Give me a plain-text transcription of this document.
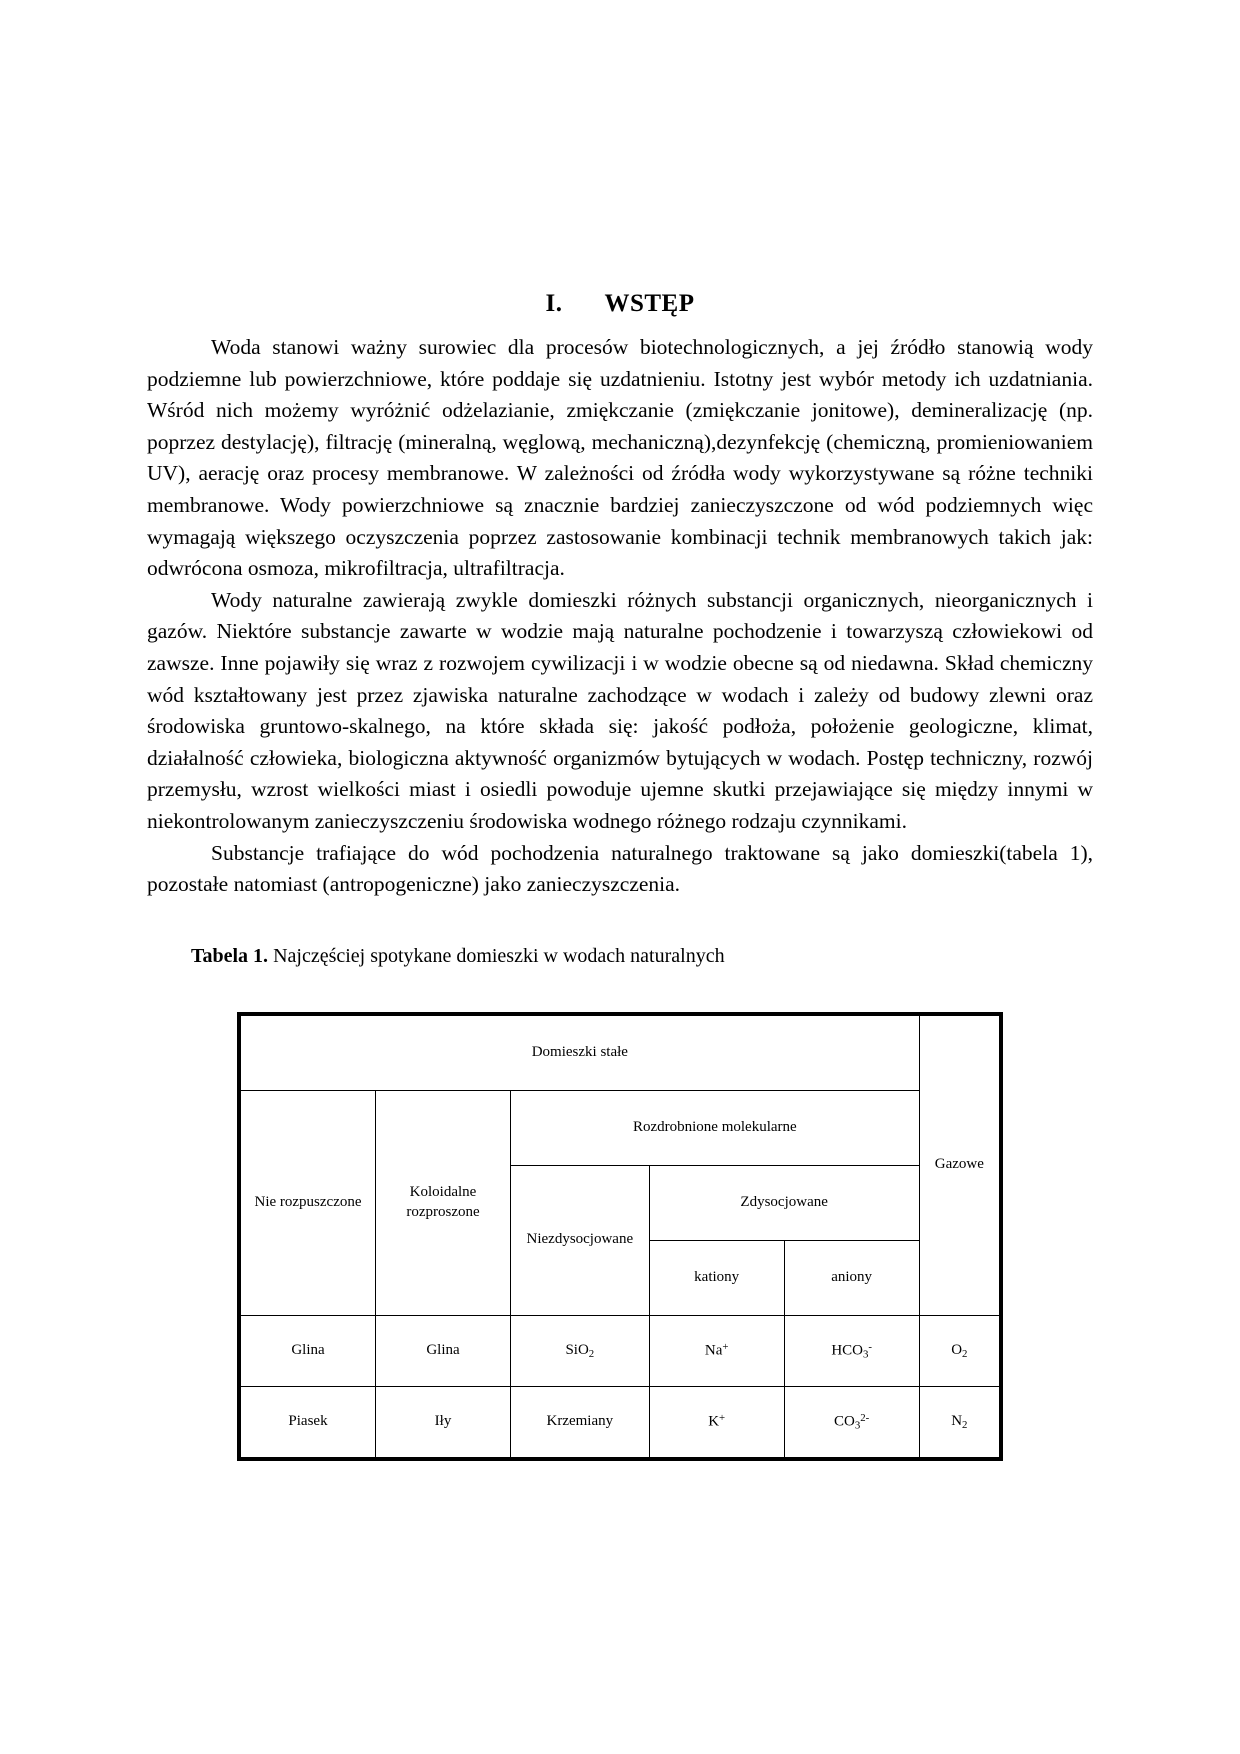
I. WSTĘP

Woda stanowi ważny surowiec dla procesów biotechnologicznych, a jej źródło stanowią wody podziemne lub powierzchniowe, które poddaje się uzdatnieniu. Istotny jest wybór metody ich uzdatniania. Wśród nich możemy wyróżnić odżelazianie, zmiękczanie (zmiękczanie jonitowe), demineralizację (np. poprzez destylację), filtrację (mineralną, węglową, mechaniczną),dezynfekcję (chemiczną, promieniowaniem UV), aerację oraz procesy membranowe. W zależności od źródła wody wykorzystywane są różne techniki membranowe. Wody powierzchniowe są znacznie bardziej zanieczyszczone od wód podziemnych więc wymagają większego oczyszczenia poprzez zastosowanie kombinacji technik membranowych takich jak: odwrócona osmoza, mikrofiltracja, ultrafiltracja.

Wody naturalne zawierają zwykle domieszki różnych substancji organicznych, nieorganicznych i gazów. Niektóre substancje zawarte w wodzie mają naturalne pochodzenie i towarzyszą człowiekowi od zawsze. Inne pojawiły się wraz z rozwojem cywilizacji i w wodzie obecne są od niedawna. Skład chemiczny wód kształtowany jest przez zjawiska naturalne zachodzące w wodach i zależy od budowy zlewni oraz środowiska gruntowo-skalnego, na które składa się: jakość podłoża, położenie geologiczne, klimat, działalność człowieka, biologiczna aktywność organizmów bytujących w wodach. Postęp techniczny, rozwój przemysłu, wzrost wielkości miast i osiedli powoduje ujemne skutki przejawiające się między innymi w niekontrolowanym zanieczyszczeniu środowiska wodnego różnego rodzaju czynnikami.

Substancje trafiające do wód pochodzenia naturalnego traktowane są jako domieszki(tabela 1), pozostałe natomiast (antropogeniczne) jako zanieczyszczenia.

Tabela 1. Najczęściej spotykane domieszki w wodach naturalnych
Domieszki stałe					Gazowe
Nie rozpuszczone	Koloidalne rozproszone	Rozdrobnione molekularne			
		Niezdysocjowane	Zdysocjowane		
			kationy	aniony	
Glina	Glina	SiO$_2$	Na+	$HCO_3^-$	$O_2$
Piasek	Iły	Krzemiany	K+	$CO_3^{2-}$	$N_2$
